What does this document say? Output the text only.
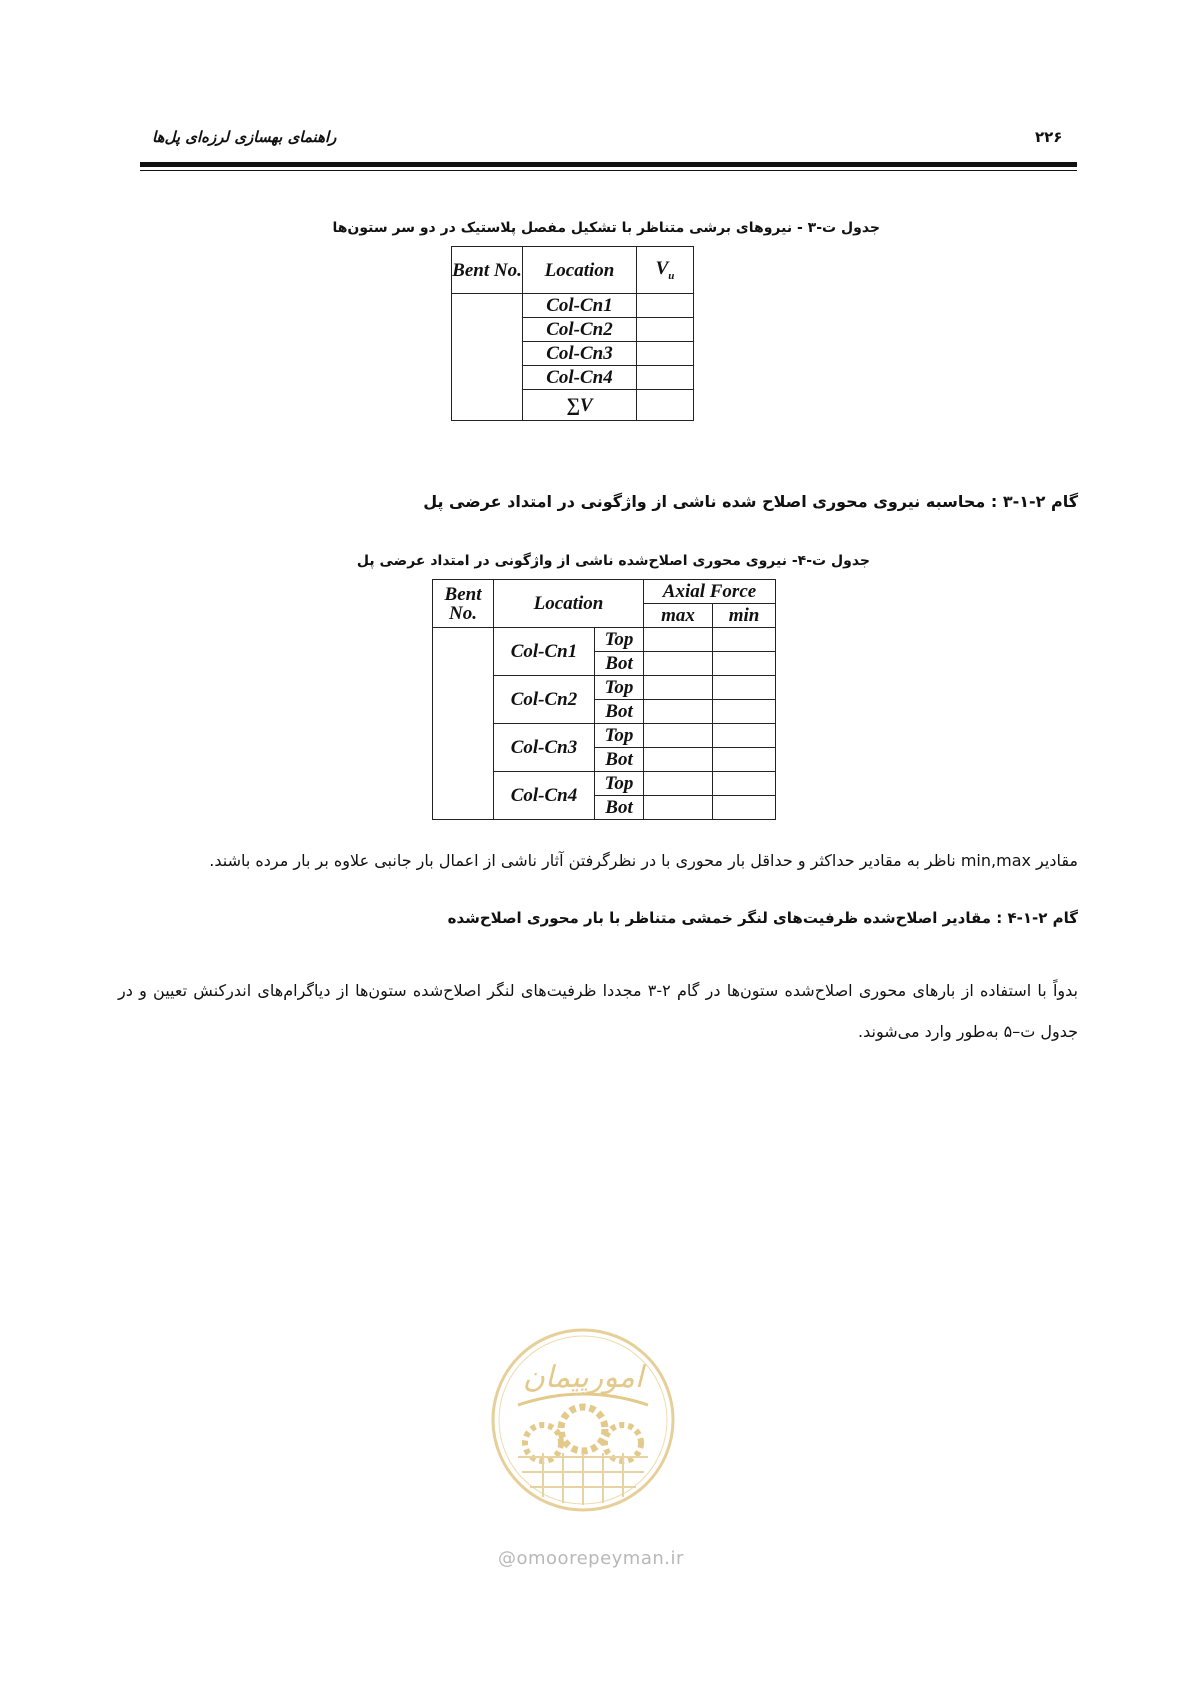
راهنمای بهسازی لرزه‌ای پل‌ها	۲۲۶
جدول ت-۳ - نیروهای برشی متناظر با تشکیل مفصل پلاستیک در دو سر ستون‌ها
Bent No.	Location	$V_u$
	Col-Cn1	
	Col-Cn2	
	Col-Cn3	
	Col-Cn4	
	∑V	
گام ۲-۱-۳ : محاسبه نیروی محوری اصلاح شده ناشی از واژگونی در امتداد عرضی پل
جدول ت-۴- نیروی محوری اصلاح‌شده ناشی از واژگونی در امتداد عرضی پل
Bent No.	Location		Axial Force	
			max	min
	Col-Cn1	Top		
		Bot		
	Col-Cn2	Top		
		Bot		
	Col-Cn3	Top		
		Bot		
	Col-Cn4	Top		
		Bot		
مقادیر min,max ناظر به مقادیر حداکثر و حداقل بار محوری با در نظرگرفتن آثار ناشی از اعمال بار جانبی علاوه بر بار مرده باشند.
گام ۲-۱-۴ : مقادیر اصلاح‌شده ظرفیت‌های لنگر خمشی متناظر با بار محوری اصلاح‌شده
بدواً با استفاده از بارهای محوری اصلاح‌شده ستون‌ها در گام ۲-۳ مجددا ظرفیت‌های لنگر اصلاح‌شده ستون‌ها از دیاگرام‌های اندرکنش تعیین و در جدول ت–۵ به‌طور وارد می‌شوند.
امورپیمان
@omoorepeyman.ir
